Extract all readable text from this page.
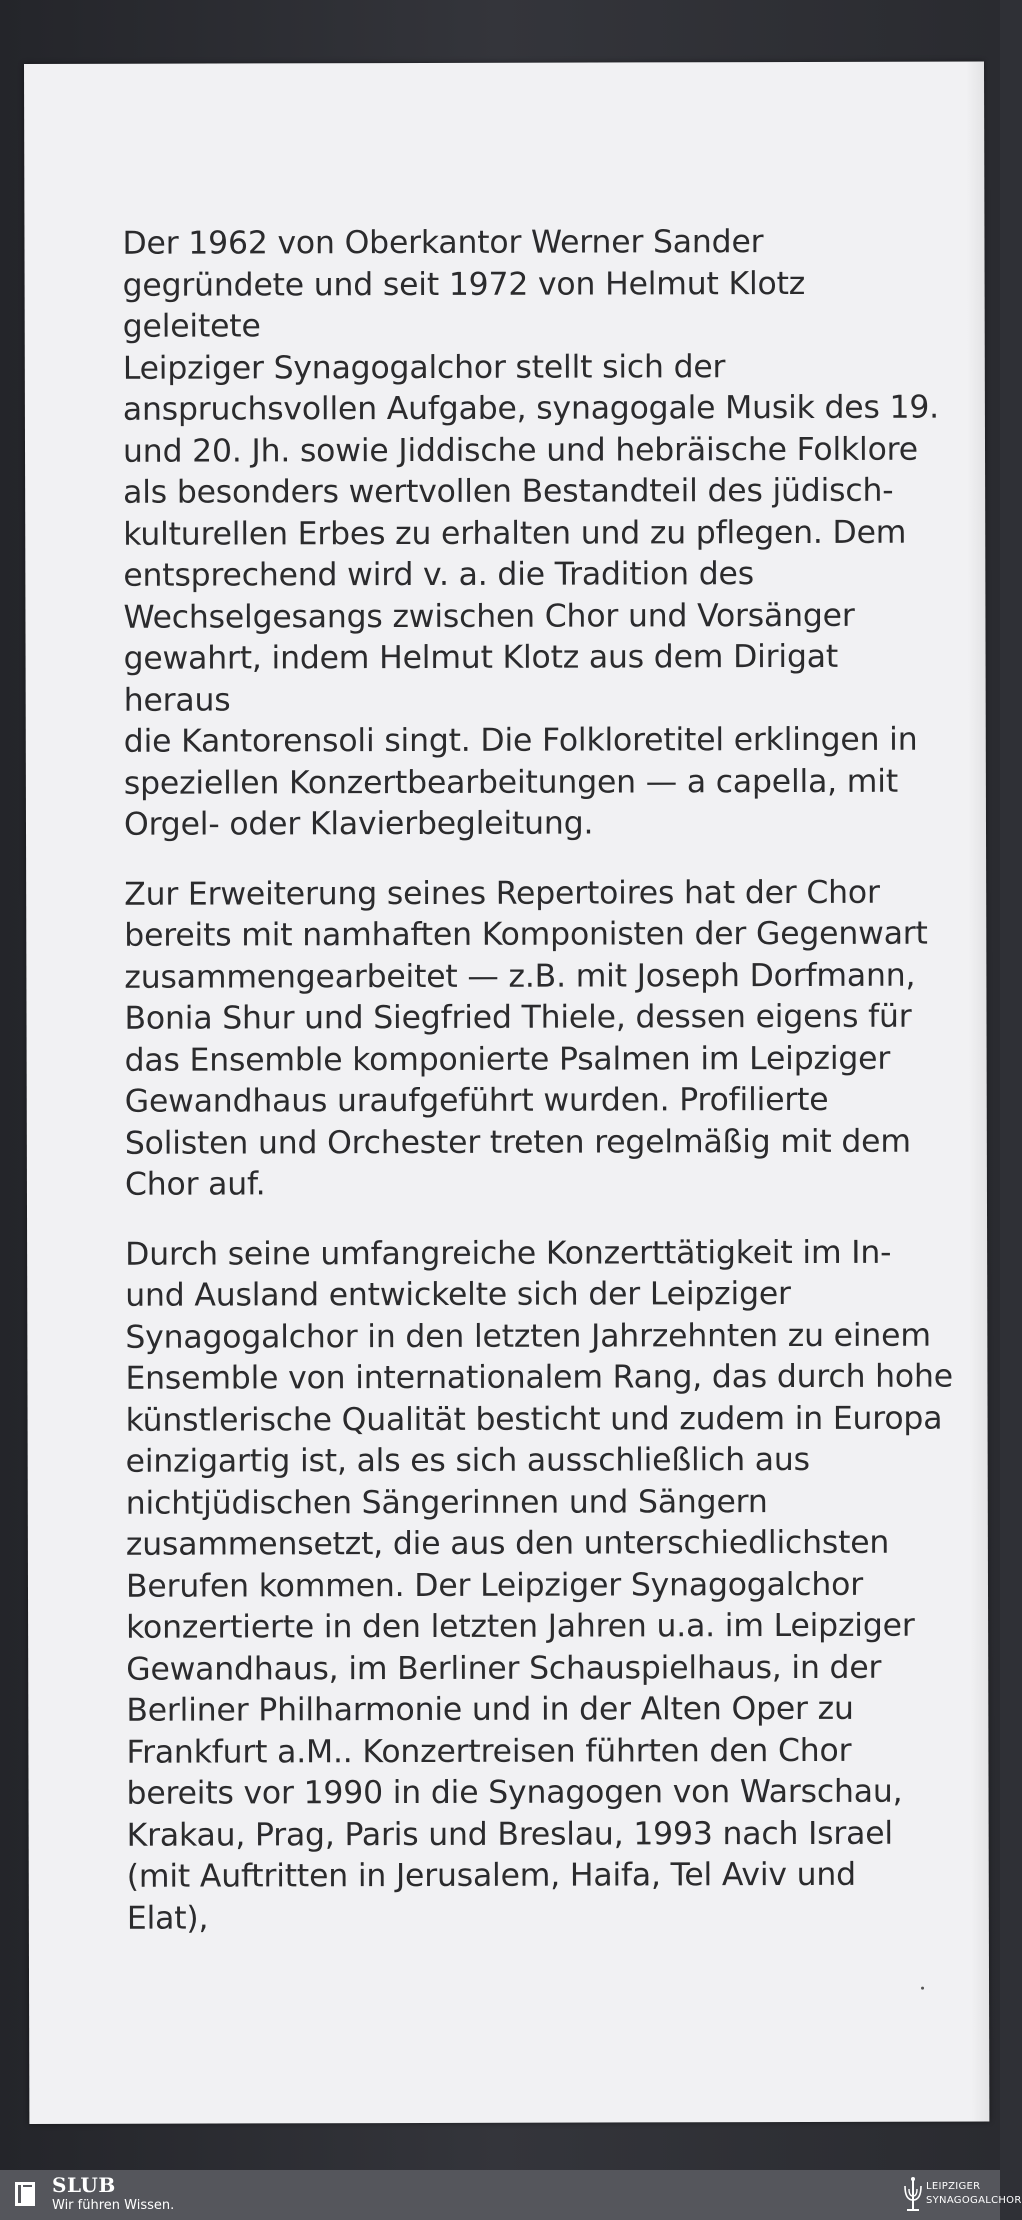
Der 1962 von Oberkantor Werner Sander
gegründete und seit 1972 von Helmut Klotz geleitete
Leipziger Synagogalchor stellt sich der
anspruchsvollen Aufgabe, synagogale Musik des 19.
und 20. Jh. sowie Jiddische und hebräische Folklore
als besonders wertvollen Bestandteil des jüdisch-
kulturellen Erbes zu erhalten und zu pflegen. Dem
entsprechend wird v. a. die Tradition des
Wechselgesangs zwischen Chor und Vorsänger
gewahrt, indem Helmut Klotz aus dem Dirigat heraus
die Kantorensoli singt. Die Folkloretitel erklingen in
speziellen Konzertbearbeitungen — a capella, mit
Orgel- oder Klavierbegleitung.

Zur Erweiterung seines Repertoires hat der Chor
bereits mit namhaften Komponisten der Gegenwart
zusammengearbeitet — z.B. mit Joseph Dorfmann,
Bonia Shur und Siegfried Thiele, dessen eigens für
das Ensemble komponierte Psalmen im Leipziger
Gewandhaus uraufgeführt wurden. Profilierte
Solisten und Orchester treten regelmäßig mit dem
Chor auf.

Durch seine umfangreiche Konzerttätigkeit im In-
und Ausland entwickelte sich der Leipziger
Synagogalchor in den letzten Jahrzehnten zu einem
Ensemble von internationalem Rang, das durch hohe
künstlerische Qualität besticht und zudem in Europa
einzigartig ist, als es sich ausschließlich aus
nichtjüdischen Sängerinnen und Sängern
zusammensetzt, die aus den unterschiedlichsten
Berufen kommen. Der Leipziger Synagogalchor
konzertierte in den letzten Jahren u.a. im Leipziger
Gewandhaus, im Berliner Schauspielhaus, in der
Berliner Philharmonie und in der Alten Oper zu
Frankfurt a.M.. Konzertreisen führten den Chor
bereits vor 1990 in die Synagogen von Warschau,
Krakau, Prag, Paris und Breslau, 1993 nach Israel
(mit Auftritten in Jerusalem, Haifa, Tel Aviv und
Elat),

SLUB
Wir führen Wissen.
LEIPZIGER
SYNAGOGALCHOR
